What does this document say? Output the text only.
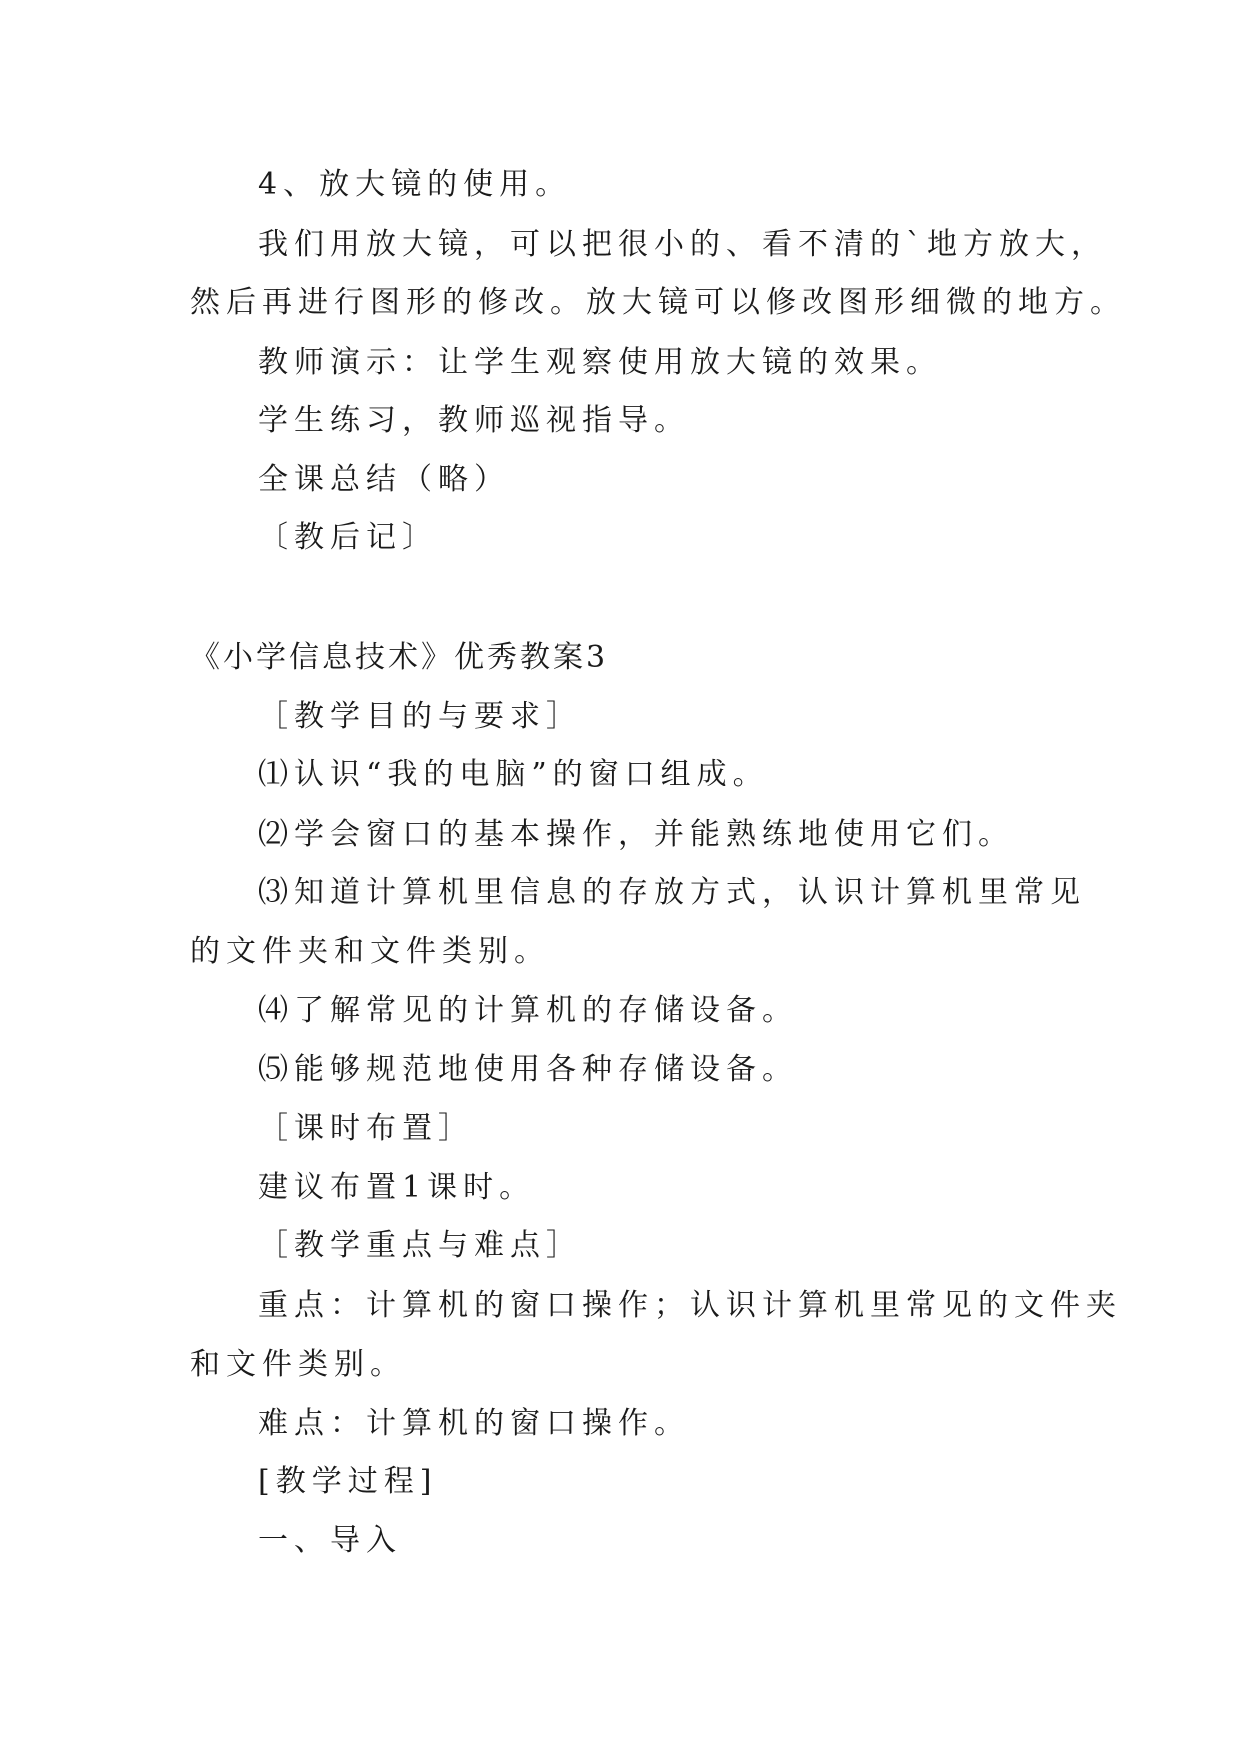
4、放大镜的使用。
我们用放大镜，可以把很小的、看不清的`地方放大，
然后再进行图形的修改。放大镜可以修改图形细微的地方。
教师演示：让学生观察使用放大镜的效果。
学生练习，教师巡视指导。
全课总结（略）
〔教后记〕
《小学信息技术》优秀教案3
［教学目的与要求］
⑴认识“我的电脑”的窗口组成。
⑵学会窗口的基本操作，并能熟练地使用它们。
⑶知道计算机里信息的存放方式，认识计算机里常见
的文件夹和文件类别。
⑷了解常见的计算机的存储设备。
⑸能够规范地使用各种存储设备。
［课时布置］
建议布置1课时。
［教学重点与难点］
重点：计算机的窗口操作；认识计算机里常见的文件夹
和文件类别。
难点：计算机的窗口操作。
[教学过程]
一、导入
